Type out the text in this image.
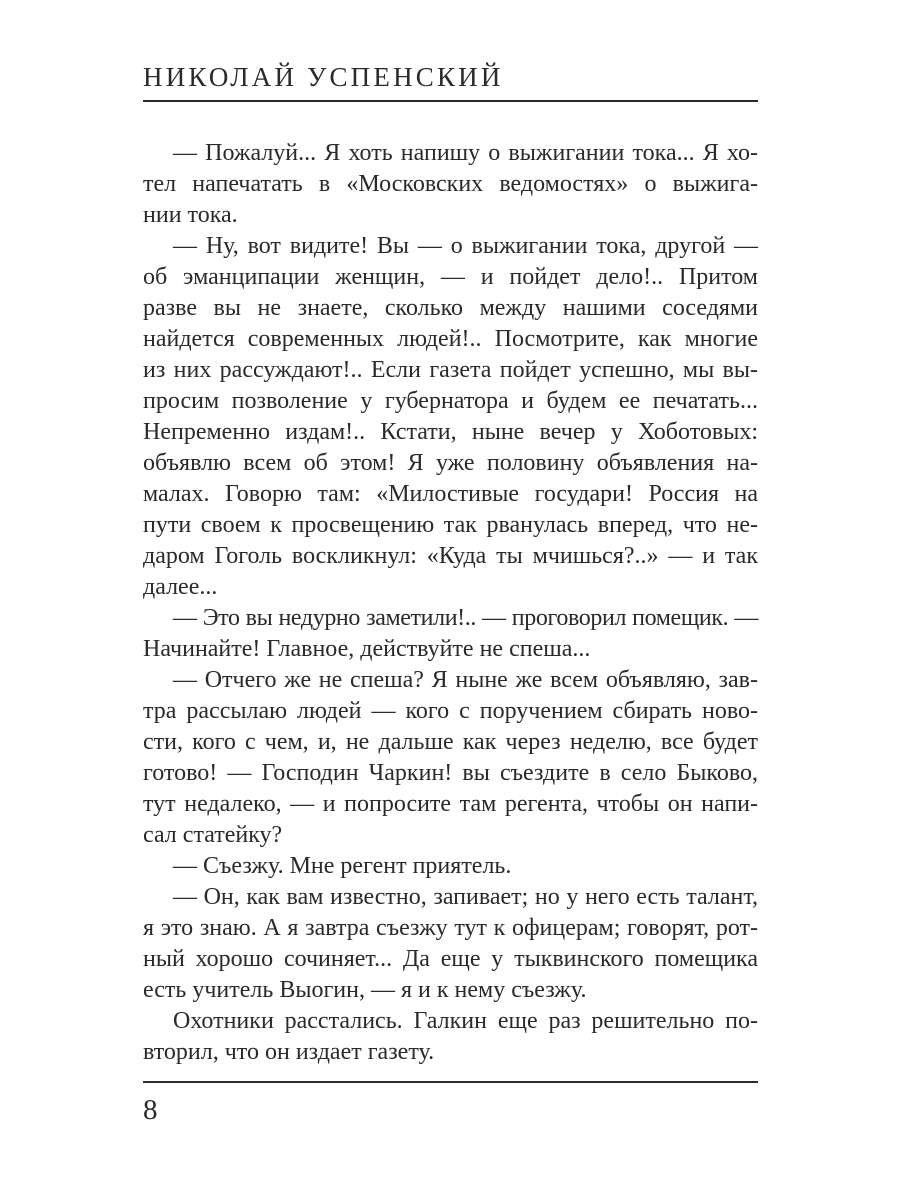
НИКОЛАЙ УСПЕНСКИЙ
— Пожалуй... Я хоть напишу о выжигании тока... Я хо-
тел напечатать в «Московских ведомостях» о выжига-
нии тока.
— Ну, вот видите! Вы — о выжигании тока, другой —
об эманципации женщин, — и пойдет дело!.. Притом
разве вы не знаете, сколько между нашими соседями
найдется современных людей!.. Посмотрите, как многие
из них рассуждают!.. Если газета пойдет успешно, мы вы-
просим позволение у губернатора и будем ее печатать...
Непременно издам!.. Кстати, ныне вечер у Хоботовых:
объявлю всем об этом! Я уже половину объявления на-
малах. Говорю там: «Милостивые государи! Россия на
пути своем к просвещению так рванулась вперед, что не-
даром Гоголь воскликнул: «Куда ты мчишься?..» — и так
далее...
— Это вы недурно заметили!.. — проговорил помещик. —
Начинайте! Главное, действуйте не спеша...
— Отчего же не спеша? Я ныне же всем объявляю, зав-
тра рассылаю людей — кого с поручением сбирать ново-
сти, кого с чем, и, не дальше как через неделю, все будет
готово! — Господин Чаркин! вы съездите в село Быково,
тут недалеко, — и попросите там регента, чтобы он напи-
сал статейку?
— Съезжу. Мне регент приятель.
— Он, как вам известно, запивает; но у него есть талант,
я это знаю. А я завтра съезжу тут к офицерам; говорят, рот-
ный хорошо сочиняет... Да еще у тыквинского помещика
есть учитель Выогин, — я и к нему съезжу.
Охотники расстались. Галкин еще раз решительно по-
вторил, что он издает газету.
8
